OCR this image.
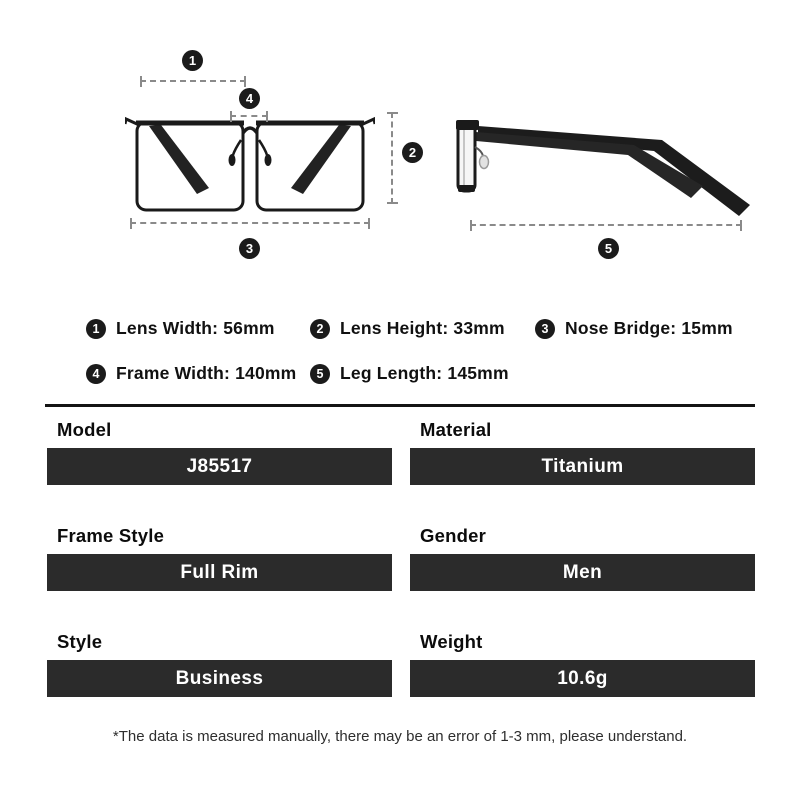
1
4
2
3	5
1 Lens Width: 56mm	2 Lens Height: 33mm	3 Nose Bridge: 15mm
4 Frame Width: 140mm	5 Leg Length: 145mm
Model
J85517
Material
Titanium
Frame Style
Full Rim
Gender
Men
Style
Business
Weight
10.6g
*The data is measured manually, there may be an error of 1-3 mm, please understand.
